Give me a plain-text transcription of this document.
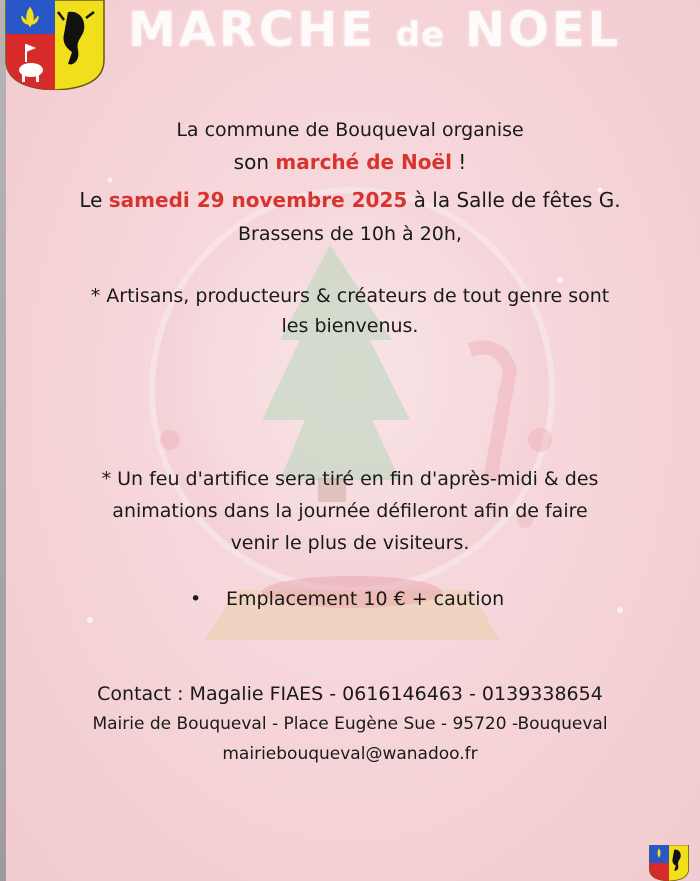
MARCHE de NOEL
La commune de Bouqueval organise
son marché de Noël !
Le samedi 29 novembre 2025 à la Salle de fêtes G.
Brassens de 10h à 20h,
* Artisans, producteurs & créateurs de tout genre sont
les bienvenus.
* Un feu d'artifice sera tiré en fin d'après-midi & des
animations dans la journée défileront afin de faire
venir le plus de visiteurs.
• Emplacement 10 € + caution
Contact : Magalie FIAES - 0616146463 - 0139338654
Mairie de Bouqueval - Place Eugène Sue - 95720 -Bouqueval
mairiebouqueval@wanadoo.fr
